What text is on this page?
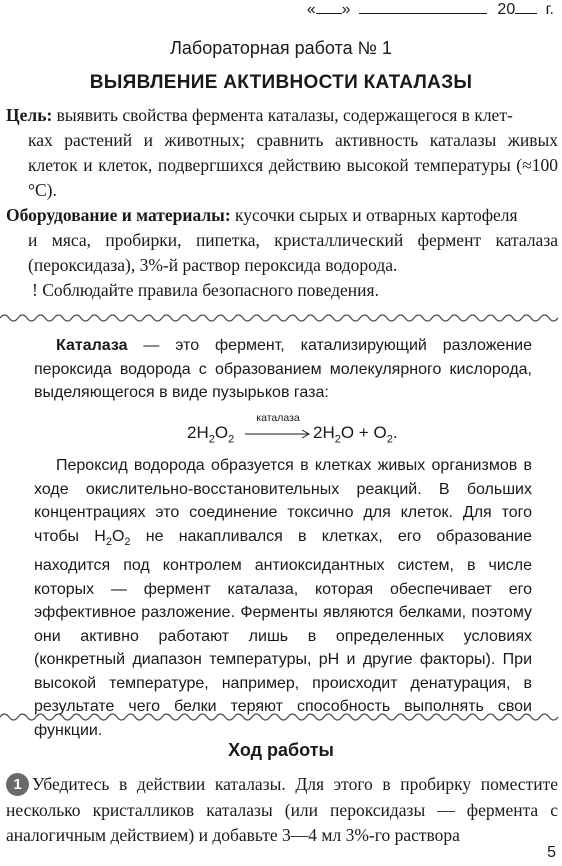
« »	20 г.
Лабораторная работа № 1
ВЫЯВЛЕНИЕ АКТИВНОСТИ КАТАЛАЗЫ
Цель: выявить свойства фермента каталазы, содержащегося в клет-
ках растений и животных; сравнить активность каталазы живых клеток и клеток, подвергшихся действию высокой температуры (≈100 °С).
Оборудование и материалы: кусочки сырых и отварных картофеля
и мяса, пробирки, пипетка, кристаллический фермент каталаза (пероксидаза), 3%-й раствор пероксида водорода.
! Соблюдайте правила безопасного поведения.
Каталаза — это фермент, катализирующий разложение пероксида водорода с образованием молекулярного кислорода, выделяющегося в виде пузырьков газа:
$2H_2O_2$
каталаза
$2H_2O + O_2$.
Пероксид водорода образуется в клетках живых организмов в ходе окислительно-восстановительных реакций. В больших концентрациях это соединение токсично для клеток. Для того чтобы $H_2O_2$ не накапливался в клетках, его образование находится под контролем антиоксидантных систем, в числе которых — фермент каталаза, которая обеспечивает его эффективное разложение. Ферменты являются белками, поэтому они активно работают лишь в определенных условиях (конкретный диапазон температуры, рН и другие факторы). При высокой температуре, например, происходит денатурация, в результате чего белки теряют способность выполнять свои функции.
Ход работы
1 Убедитесь в действии каталазы. Для этого в пробирку поместите несколько кристалликов каталазы (или пероксидазы — фермента с аналогичным действием) и добавьте 3—4 мл 3%-го раствора
5
